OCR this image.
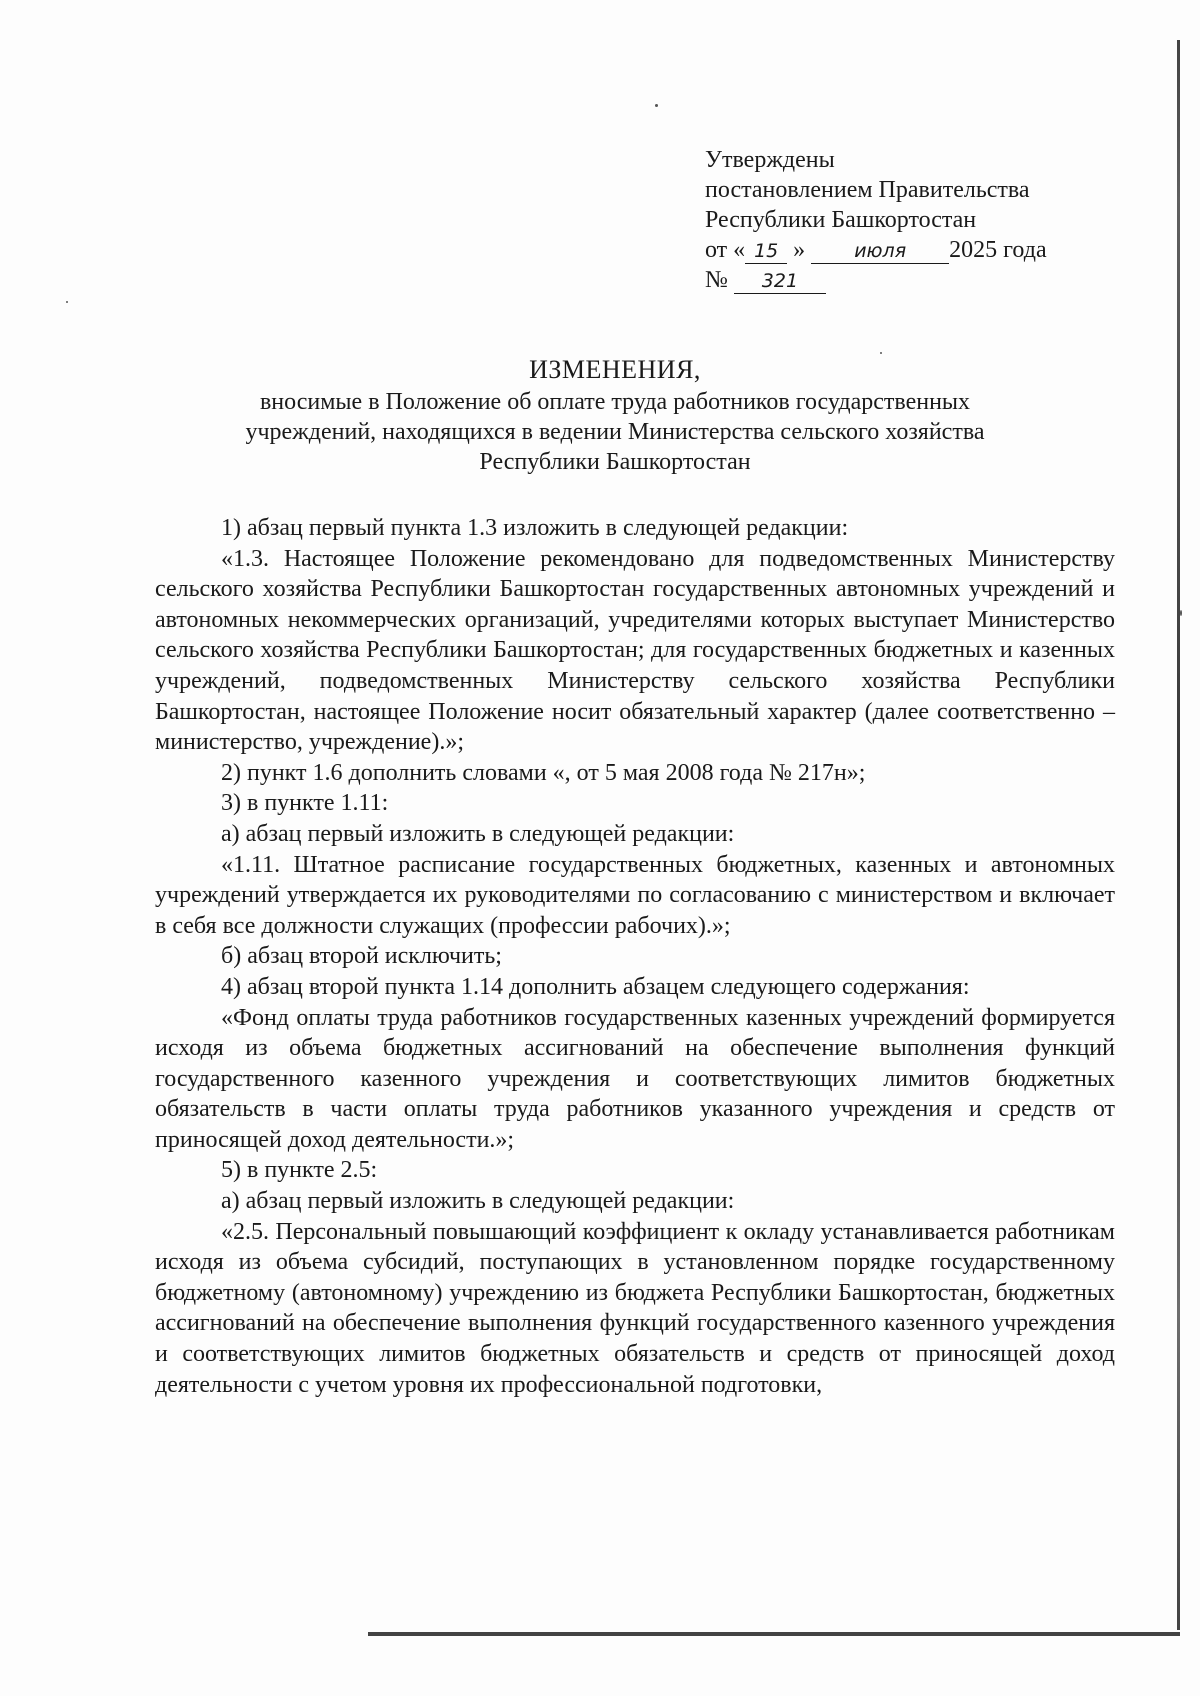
Утверждены
постановлением Правительства
Республики Башкортостан
от « 15 »	июля 2025 года
№ 321
ИЗМЕНЕНИЯ,
вносимые в Положение об оплате труда работников государственных
учреждений, находящихся в ведении Министерства сельского хозяйства
Республики Башкортостан

1) абзац первый пункта 1.3 изложить в следующей редакции:

«1.3. Настоящее Положение рекомендовано для подведомственных Министерству сельского хозяйства Республики Башкортостан государственных автономных учреждений и автономных некоммерческих организаций, учредителями которых выступает Министерство сельского хозяйства Республики Башкортостан; для государственных бюджетных и казенных учреждений, подведомственных Министерству сельского хозяйства Республики Башкортостан, настоящее Положение носит обязательный характер (далее соответственно – министерство, учреждение).»;

2) пункт 1.6 дополнить словами «, от 5 мая 2008 года № 217н»;

3) в пункте 1.11:

а) абзац первый изложить в следующей редакции:

«1.11. Штатное расписание государственных бюджетных, казенных и автономных учреждений утверждается их руководителями по согласованию с министерством и включает в себя все должности служащих (профессии рабочих).»;

б) абзац второй исключить;

4) абзац второй пункта 1.14 дополнить абзацем следующего содержания:

«Фонд оплаты труда работников государственных казенных учреждений формируется исходя из объема бюджетных ассигнований на обеспечение выполнения функций государственного казенного учреждения и соответствующих лимитов бюджетных обязательств в части оплаты труда работников указанного учреждения и средств от приносящей доход деятельности.»;

5) в пункте 2.5:

а) абзац первый изложить в следующей редакции:

«2.5. Персональный повышающий коэффициент к окладу устанавливается работникам исходя из объема субсидий, поступающих в установленном порядке государственному бюджетному (автономному) учреждению из бюджета Республики Башкортостан, бюджетных ассигнований на обеспечение выполнения функций государственного казенного учреждения и соответствующих лимитов бюджетных обязательств и средств от приносящей доход деятельности с учетом уровня их профессиональной подготовки,
